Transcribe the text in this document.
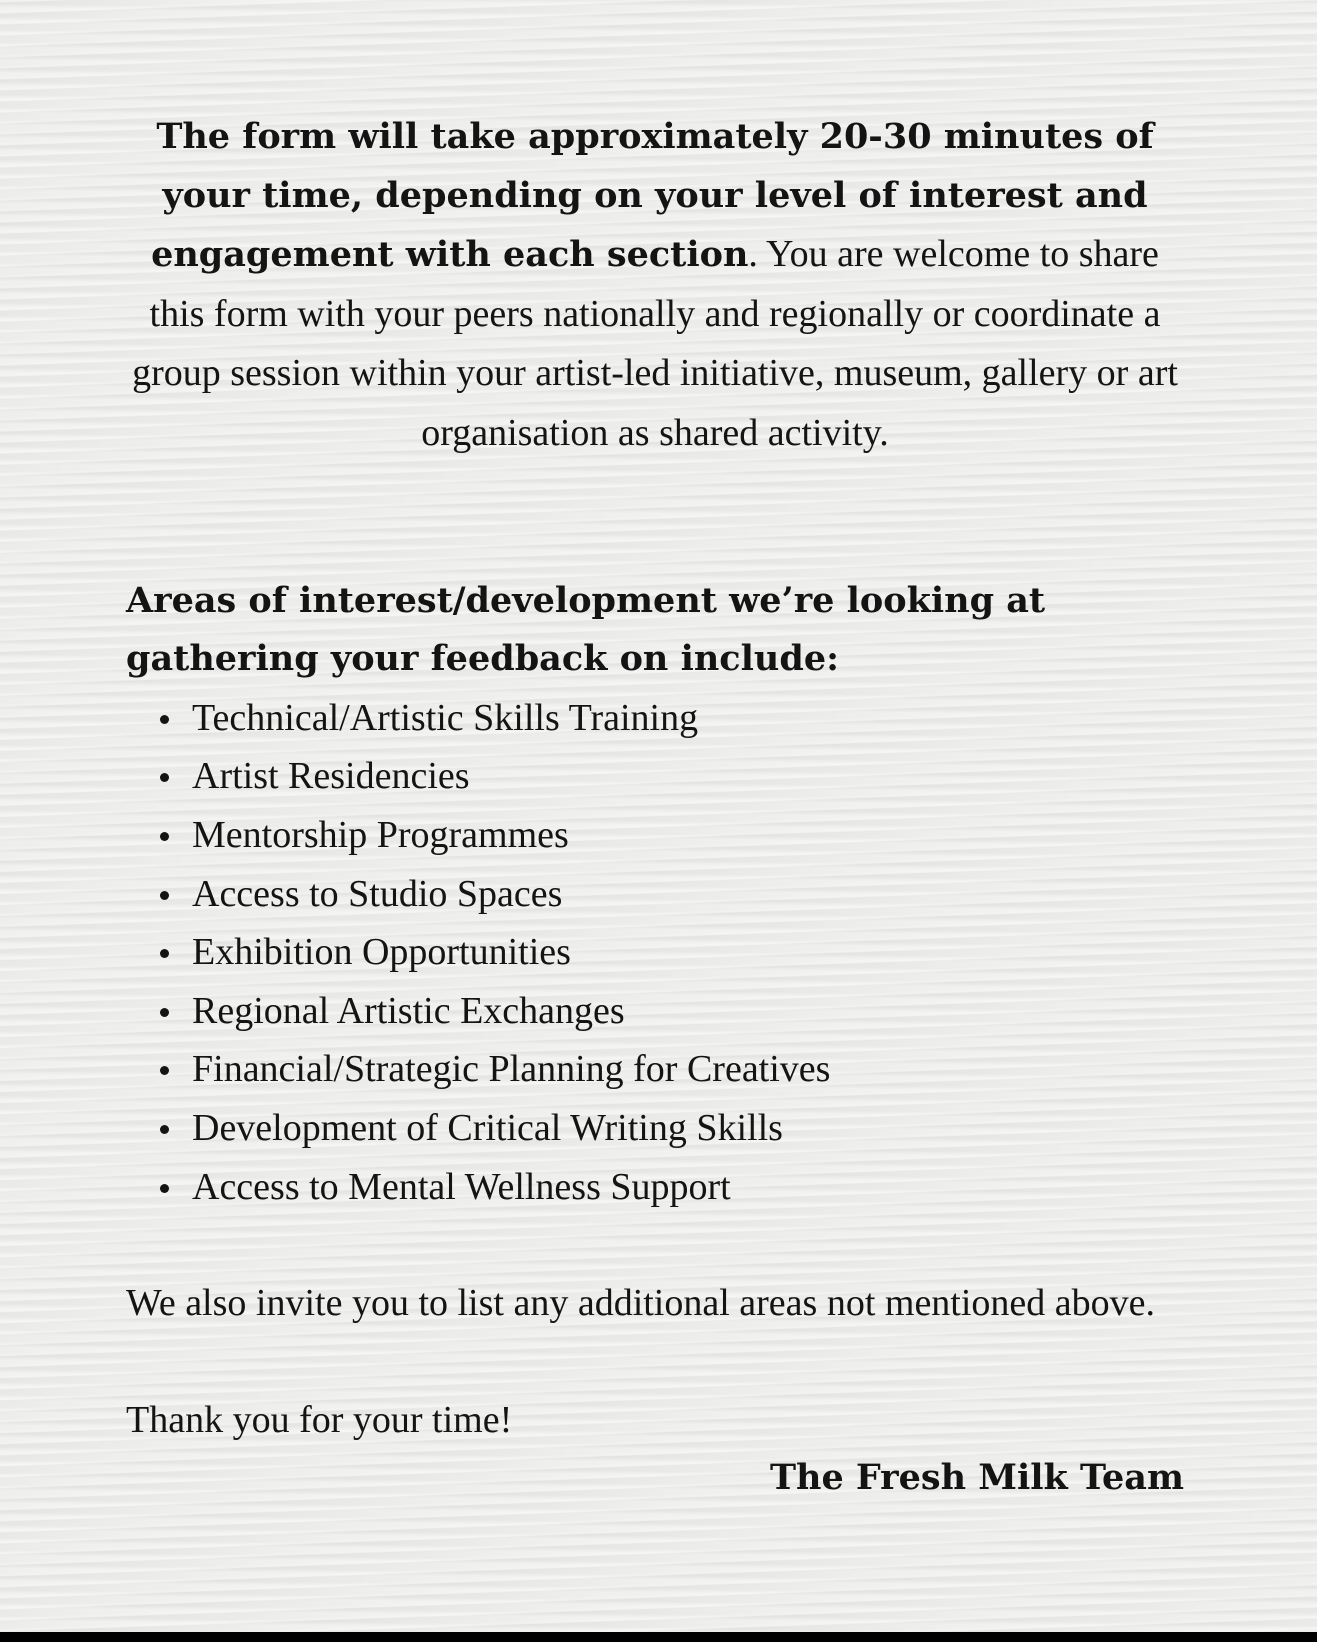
The form will take approximately 20-30 minutes of your time, depending on your level of interest and engagement with each section. You are welcome to share this form with your peers nationally and regionally or coordinate a group session within your artist-led initiative, museum, gallery or art organisation as shared activity.

Areas of interest/development we’re looking at gathering your feedback on include:

Technical/Artistic Skills Training
Artist Residencies
Mentorship Programmes
Access to Studio Spaces
Exhibition Opportunities
Regional Artistic Exchanges
Financial/Strategic Planning for Creatives
Development of Critical Writing Skills
Access to Mental Wellness Support

We also invite you to list any additional areas not mentioned above.

Thank you for your time!

The Fresh Milk Team
